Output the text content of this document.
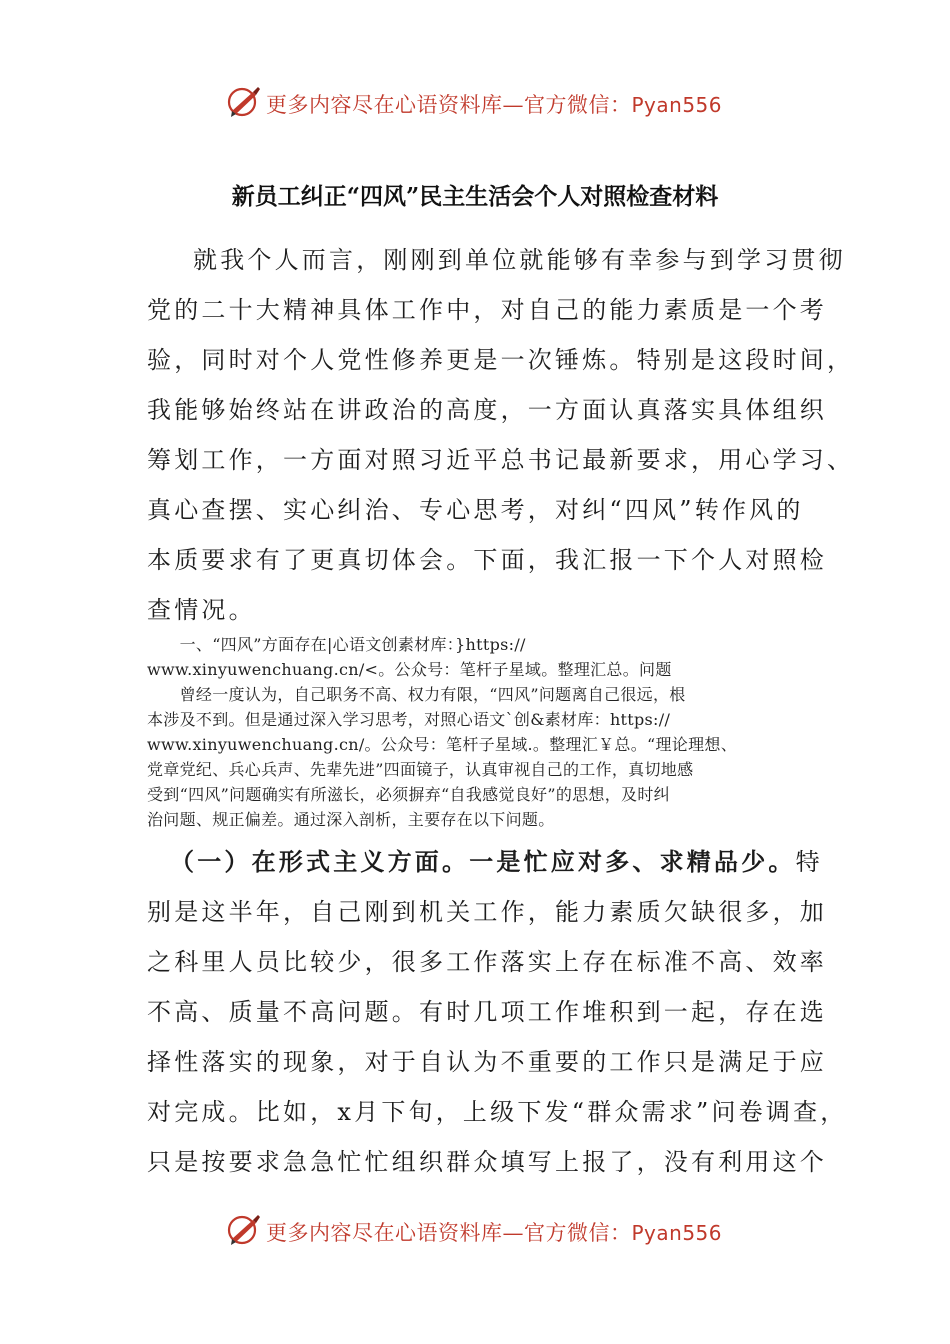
更多内容尽在心语资料库—官方微信：Pyan556
新员工纠正“四风”民主生活会个人对照检查材料
就我个人而言，刚刚到单位就能够有幸参与到学习贯彻
党的二十大精神具体工作中，对自己的能力素质是一个考
验，同时对个人党性修养更是一次锤炼。特别是这段时间，
我能够始终站在讲政治的高度，一方面认真落实具体组织
筹划工作，一方面对照习近平总书记最新要求，用心学习、
真心查摆、实心纠治、专心思考，对纠“四风”转作风的
本质要求有了更真切体会。下面，我汇报一下个人对照检
查情况。
　　一、“四风”方面存在|心语文创素材库：}https://
www.xinyuwenchuang.cn/<。公众号：笔杆子星域。整理汇总。问题
　　曾经一度认为，自己职务不高、权力有限，“四风”问题离自己很远，根
本涉及不到。但是通过深入学习思考，对照心语文`创&素材库：https://
www.xinyuwenchuang.cn/。公众号：笔杆子星域.。整理汇￥总。“理论理想、
党章党纪、兵心兵声、先辈先进”四面镜子，认真审视自己的工作，真切地感
受到“四风”问题确实有所滋长，必须摒弃“自我感觉良好”的思想，及时纠
治问题、规正偏差。通过深入剖析，主要存在以下问题。
（一）在形式主义方面。一是忙应对多、求精品少。特
别是这半年，自己刚到机关工作，能力素质欠缺很多，加
之科里人员比较少，很多工作落实上存在标准不高、效率
不高、质量不高问题。有时几项工作堆积到一起，存在选
择性落实的现象，对于自认为不重要的工作只是满足于应
对完成。比如，x月下旬，上级下发“群众需求”问卷调查，
只是按要求急急忙忙组织群众填写上报了，没有利用这个
更多内容尽在心语资料库—官方微信：Pyan556
